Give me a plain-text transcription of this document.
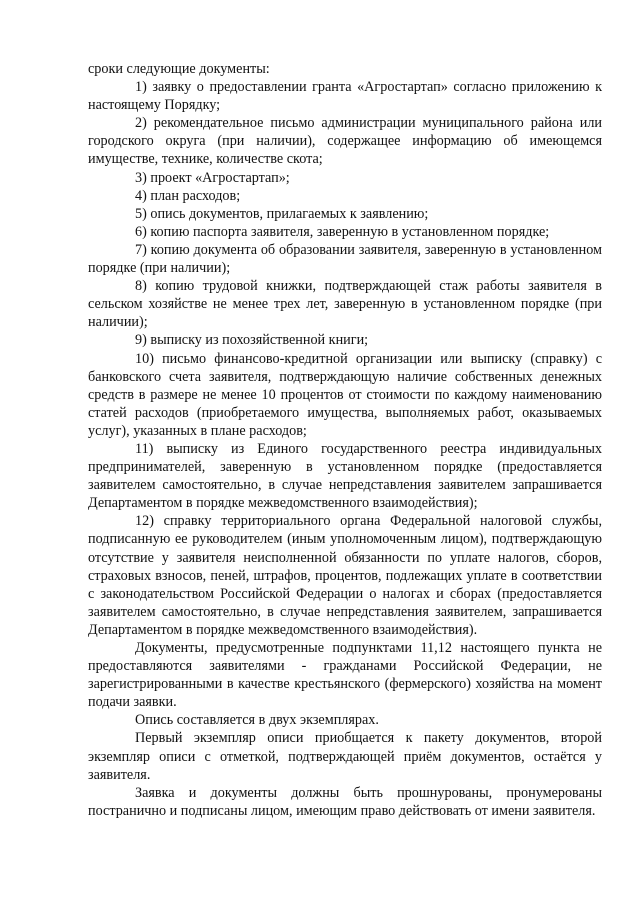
сроки следующие документы:

1) заявку о предоставлении гранта «Агростартап» согласно приложению к настоящему Порядку;

2) рекомендательное письмо администрации муниципального района или городского округа (при наличии), содержащее информацию об имеющемся имуществе, технике, количестве скота;

3) проект «Агростартап»;

4) план расходов;

5) опись документов, прилагаемых к заявлению;

6) копию паспорта заявителя, заверенную в установленном порядке;

7) копию документа об образовании заявителя, заверенную в установленном порядке (при наличии);

8) копию трудовой книжки, подтверждающей стаж работы заявителя в сельском хозяйстве не менее трех лет, заверенную в установленном порядке (при наличии);

9) выписку из похозяйственной книги;

10) письмо финансово-кредитной организации или выписку (справку) с банковского счета заявителя, подтверждающую наличие собственных денежных средств в размере не менее 10 процентов от стоимости по каждому наименованию статей расходов (приобретаемого имущества, выполняемых работ, оказываемых услуг), указанных в плане расходов;

11) выписку из Единого государственного реестра индивидуальных предпринимателей, заверенную в установленном порядке (предоставляется заявителем самостоятельно, в случае непредставления заявителем запрашивается Департаментом в порядке межведомственного взаимодействия);

12) справку территориального органа Федеральной налоговой службы, подписанную ее руководителем (иным уполномоченным лицом), подтверждающую отсутствие у заявителя неисполненной обязанности по уплате налогов, сборов, страховых взносов, пеней, штрафов, процентов, подлежащих уплате в соответствии с законодательством Российской Федерации о налогах и сборах (предоставляется заявителем самостоятельно, в случае непредставления заявителем, запрашивается Департаментом в порядке межведомственного взаимодействия).

Документы, предусмотренные подпунктами 11,12 настоящего пункта не предоставляются заявителями - гражданами Российской Федерации, не зарегистрированными в качестве крестьянского (фермерского) хозяйства на момент подачи заявки.

Опись составляется в двух экземплярах.

Первый экземпляр описи приобщается к пакету документов, второй экземпляр описи с отметкой, подтверждающей приём документов, остаётся у заявителя.

Заявка и документы должны быть прошнурованы, пронумерованы постранично и подписаны лицом, имеющим право действовать от имени заявителя.
